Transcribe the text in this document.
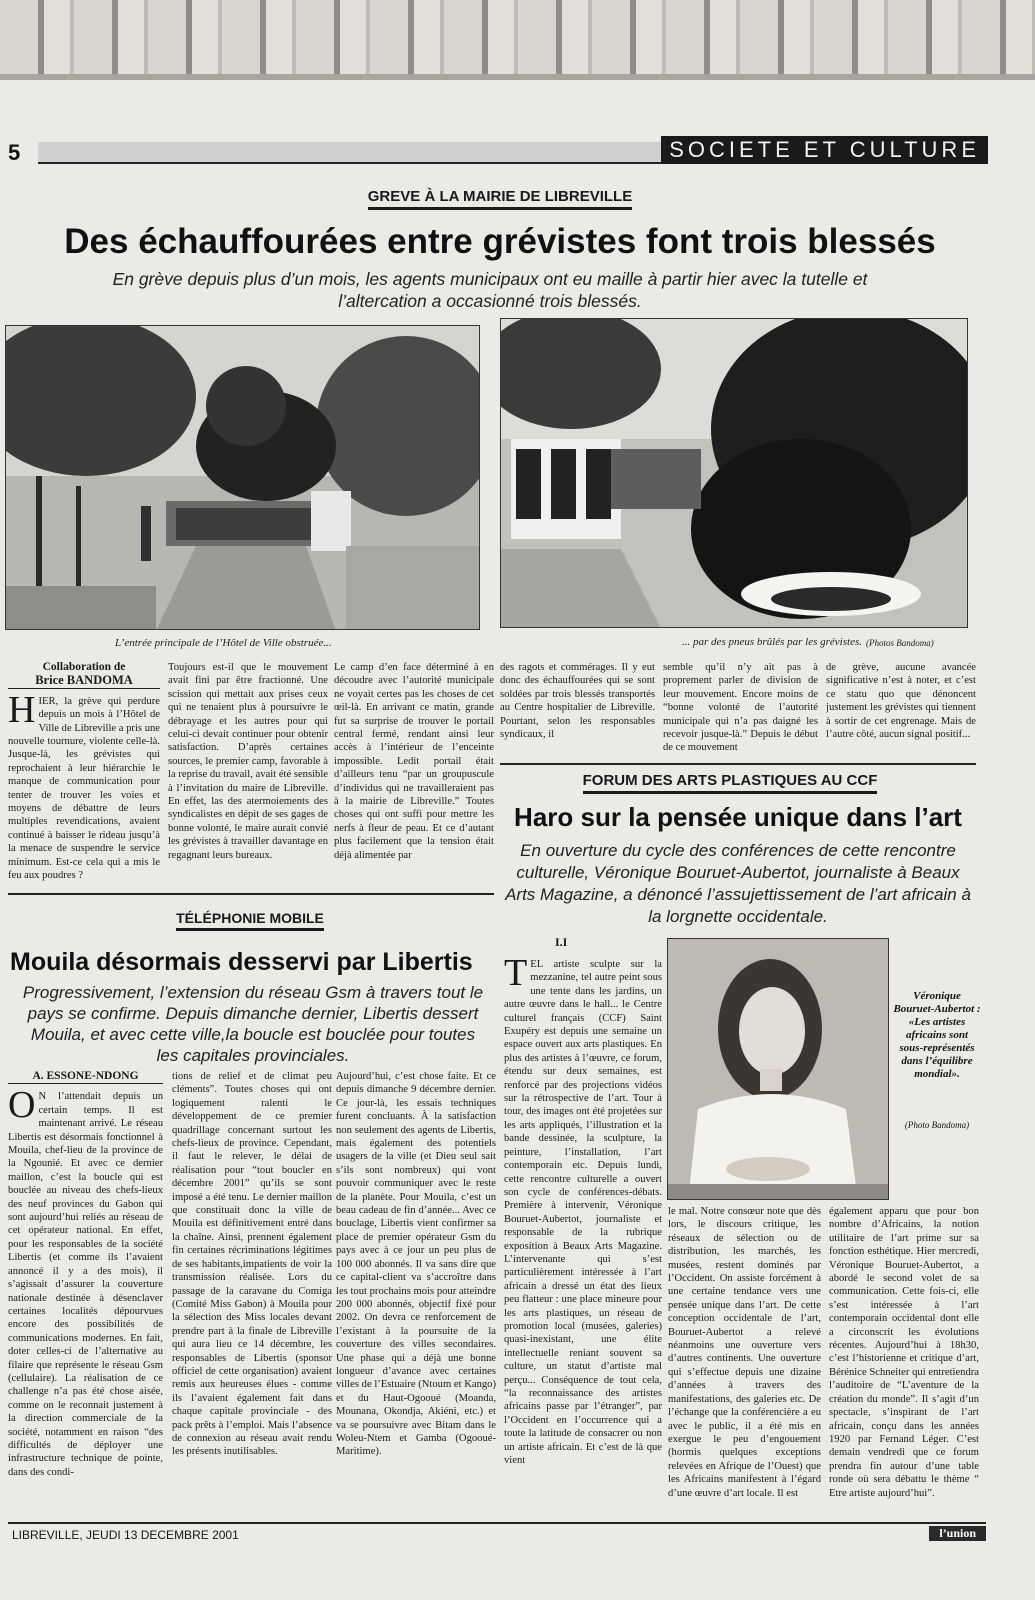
5	SOCIETE ET CULTURE
GREVE À LA MAIRIE DE LIBREVILLE
Des échauffourées entre grévistes font trois blessés
En grève depuis plus d’un mois, les agents municipaux ont eu maille à partir hier avec la tutelle et l’altercation a occasionné trois blessés.
L’entrée principale de l’Hôtel de Ville obstruée...	... par des pneus brûlés par les grévistes. (Photos Bandoma)
Collaboration de
Brice BANDOMA
H IER, la grève qui perdure depuis un mois à l’Hôtel de Ville de Libreville a pris une nouvelle tournure, violente celle-là. Jusque-là, les grévistes qui reprochaient à leur hiérarchie le manque de communication pour tenter de trouver les voies et moyens de débattre de leurs multiples revendications, avaient continué à baisser le rideau jusqu’à la menace de suspendre le service minimum. Est-ce cela qui a mis le feu aux poudres ?
Toujours est-il que le mouvement avait fini par être fractionné. Une scission qui mettait aux prises ceux qui ne tenaient plus à poursuivre le débrayage et les autres pour qui celui-ci devait continuer pour obtenir satisfaction. D’après certaines sources, le premier camp, favorable à la reprise du travail, avait été sensible à l’invitation du maire de Libreville. En effet, las des atermoiements des syndicalistes en dépit de ses gages de bonne volonté, le maire aurait convié les grévistes à travailler davantage en regagnant leurs bureaux.
Le camp d’en face déterminé à en découdre avec l’autorité municipale ne voyait certes pas les choses de cet œil-là. En arrivant ce matin, grande fut sa surprise de trouver le portail central fermé, rendant ainsi leur accès à l’intérieur de l’enceinte impossible. Ledit portail était d’ailleurs tenu “par un groupuscule d’individus qui ne travailleraient pas à la mairie de Libreville.” Toutes choses qui ont suffi pour mettre les nerfs à fleur de peau. Et ce d’autant plus facilement que la tension était déjà alimentée par
des ragots et commérages. Il y eut donc des échauffourées qui se sont soldées par trois blessés transportés au Centre hospitalier de Libreville. Pourtant, selon les responsables syndicaux, il
semble qu’il n’y ait pas à proprement parler de division de leur mouvement. Encore moins de “bonne volonté de l’autorité municipale qui n’a pas daigné les recevoir jusque-là.” Depuis le début de ce mouvement
de grève, aucune avancée significative n’est à noter, et c’est ce statu quo que dénoncent justement les grévistes qui tiennent à sortir de cet engrenage. Mais de l’autre côté, aucun signal positif...
TÉLÉPHONIE MOBILE
Mouila désormais desservi par Libertis
Progressivement, l’extension du réseau Gsm à travers tout le pays se confirme. Depuis dimanche dernier, Libertis dessert Mouila, et avec cette ville,la boucle est bouclée pour toutes les capitales provinciales.
A. ESSONE-NDONG
O N l’attendait depuis un certain temps. Il est maintenant arrivé. Le réseau Libertis est désormais fonctionnel à Mouila, chef-lieu de la province de la Ngounié. Et avec ce dernier maillon, c’est la boucle qui est bouclée au niveau des chefs-lieux des neuf provinces du Gabon qui sont aujourd’hui reliés au réseau de cet opérateur national. En effet, pour les responsables de la société Libertis (et comme ils l’avaient annoncé il y a des mois), il s’agissait d’assurer la couverture nationale destinée à désenclaver certaines localités dépourvues encore des possibilités de communications modernes. En fait, doter celles-ci de l’alternative au filaire que représente le réseau Gsm (cellulaire). La réalisation de ce challenge n’a pas été chose aisée, comme on le reconnait justement à la direction commerciale de la société, notamment en raison “des difficultés de déployer une infrastructure technique de pointe, dans des condi-
tions de relief et de climat peu cléments”. Toutes choses qui ont logiquement ralenti le développement de ce premier quadrillage concernant surtout les chefs-lieux de province. Cependant, il faut le relever, le délai de réalisation pour “tout boucler en décembre 2001” qu’ils se sont imposé a été tenu. Le dernier maillon que constituait donc la ville de Mouila est définitivement entré dans la chaîne. Ainsi, prennent également fin certaines récriminations légitimes de ses habitants,impatients de voir la transmission réalisée. Lors du passage de la caravane du Comiga (Comité Miss Gabon) à Mouila pour la sélection des Miss locales devant prendre part à la finale de Libreville qui aura lieu ce 14 décembre, les responsables de Libertis (sponsor officiel de cette organisation) avaient remis aux heureuses élues - comme ils l’avaient également fait dans chaque capitale provinciale - des pack prêts à l’emploi. Mais l’absence de connexion au réseau avait rendu les présents inutilisables.
Aujourd’hui, c’est chose faite. Et ce depuis dimanche 9 décembre dernier. Ce jour-là, les essais techniques furent concluants. À la satisfaction non seulement des agents de Libertis, mais également des potentiels usagers de la ville (et Dieu seul sait s’ils sont nombreux) qui vont pouvoir communiquer avec le reste de la planète. Pour Mouila, c’est un beau cadeau de fin d’année... Avec ce bouclage, Libertis vient confirmer sa place de premier opérateur Gsm du pays avec à ce jour un peu plus de 100 000 abonnés. Il va sans dire que ce capital-client va s’accroître dans les tout prochains mois pour atteindre 200 000 abonnés, objectif fixé pour 2002. On devra ce renforcement de l’existant à la poursuite de la couverture des villes secondaires. Une phase qui a déjà une bonne longueur d’avance avec certaines villes de l’Estuaire (Ntoum et Kango) et du Haut-Ogooué (Moanda, Mounana, Okondja, Akiéni, etc.) et va se poursuivre avec Bitam dans le Woleu-Ntem et Gamba (Ogooué-Maritime).
FORUM DES ARTS PLASTIQUES AU CCF
Haro sur la pensée unique dans l’art
En ouverture du cycle des conférences de cette rencontre culturelle, Véronique Bouruet-Aubertot, journaliste à Beaux Arts Magazine, a dénoncé l’assujettissement de l’art africain à la lorgnette occidentale.
I.I
TEL artiste sculpte sur la mezzanine, tel autre peint sous une tente dans les jardins, un autre œuvre dans le hall... le Centre culturel français (CCF) Saint Exupéry est depuis une semaine un espace ouvert aux arts plastiques. En plus des artistes à l’œuvre, ce forum, étendu sur deux semaines, est renforcé par des projections vidéos sur la rétrospective de l’art. Tour à tour, des images ont été projetées sur les arts appliqués, l’illustration et la bande dessinée, la sculpture, la peinture, l’installation, l’art contemporain etc. Depuis lundi, cette rencontre culturelle a ouvert son cycle de conférences-débats. Première à intervenir, Véronique Bouruet-Aubertot, journaliste et responsable de la rubrique exposition à Beaux Arts Magazine. L’intervenante qui s’est particulièrement intéressée à l’art africain a dressé un état des lieux peu flatteur : une place mineure pour les arts plastiques, un réseau de promotion local (musées, galeries) quasi-inexistant, une élite intellectuelle reniant souvent sa culture, un statut d’artiste mal perçu... Conséquence de tout cela, “la reconnaissance des artistes africains passe par l’étranger”, par l’Occident en l’occurrence qui a toute la latitude de consacrer ou non un artiste africain. Et c’est de là que vient
Véronique Bouruet-Aubertot : «Les artistes africains sont sous-représentés dans l’équilibre mondial».
(Photo Bandoma)
le mal. Notre consœur note que dès lors, le discours critique, les réseaux de sélection ou de distribution, les marchés, les musées, restent dominés par l’Occident. On assiste forcément à une certaine tendance vers une pensée unique dans l’art. De cette conception occidentale de l’art, Bouruet-Aubertot a relevé néanmoins une ouverture vers d’autres continents. Une ouverture qui s’effectue depuis une dizaine d’années à travers des manifestations, des galeries etc. De l’échange que la conférencière a eu avec le public, il a été mis en exergue le peu d’engouement (hormis quelques exceptions relevées en Afrique de l’Ouest) que les Africains manifestent à l’égard d’une œuvre d’art locale. Il est
également apparu que pour bon nombre d’Africains, la notion utilitaire de l’art prime sur sa fonction esthétique. Hier mercredi, Véronique Bouruet-Aubertot, a abordé le second volet de sa communication. Cette fois-ci, elle s’est intéressée à l’art contemporain occidental dont elle a circonscrit les évolutions récentes. Aujourd’hui à 18h30, c’est l’historienne et critique d’art, Bérénice Schneiter qui entretiendra l’auditoire de “L’aventure de la création du monde”. Il s’agit d’un spectacle, s’inspirant de l’art africain, conçu dans les années 1920 par Fernand Léger. C’est demain vendredi que ce forum prendra fin autour d’une table ronde où sera débattu le thème “ Etre artiste aujourd’hui”.
LIBREVILLE, JEUDI 13 DECEMBRE 2001	l’union
